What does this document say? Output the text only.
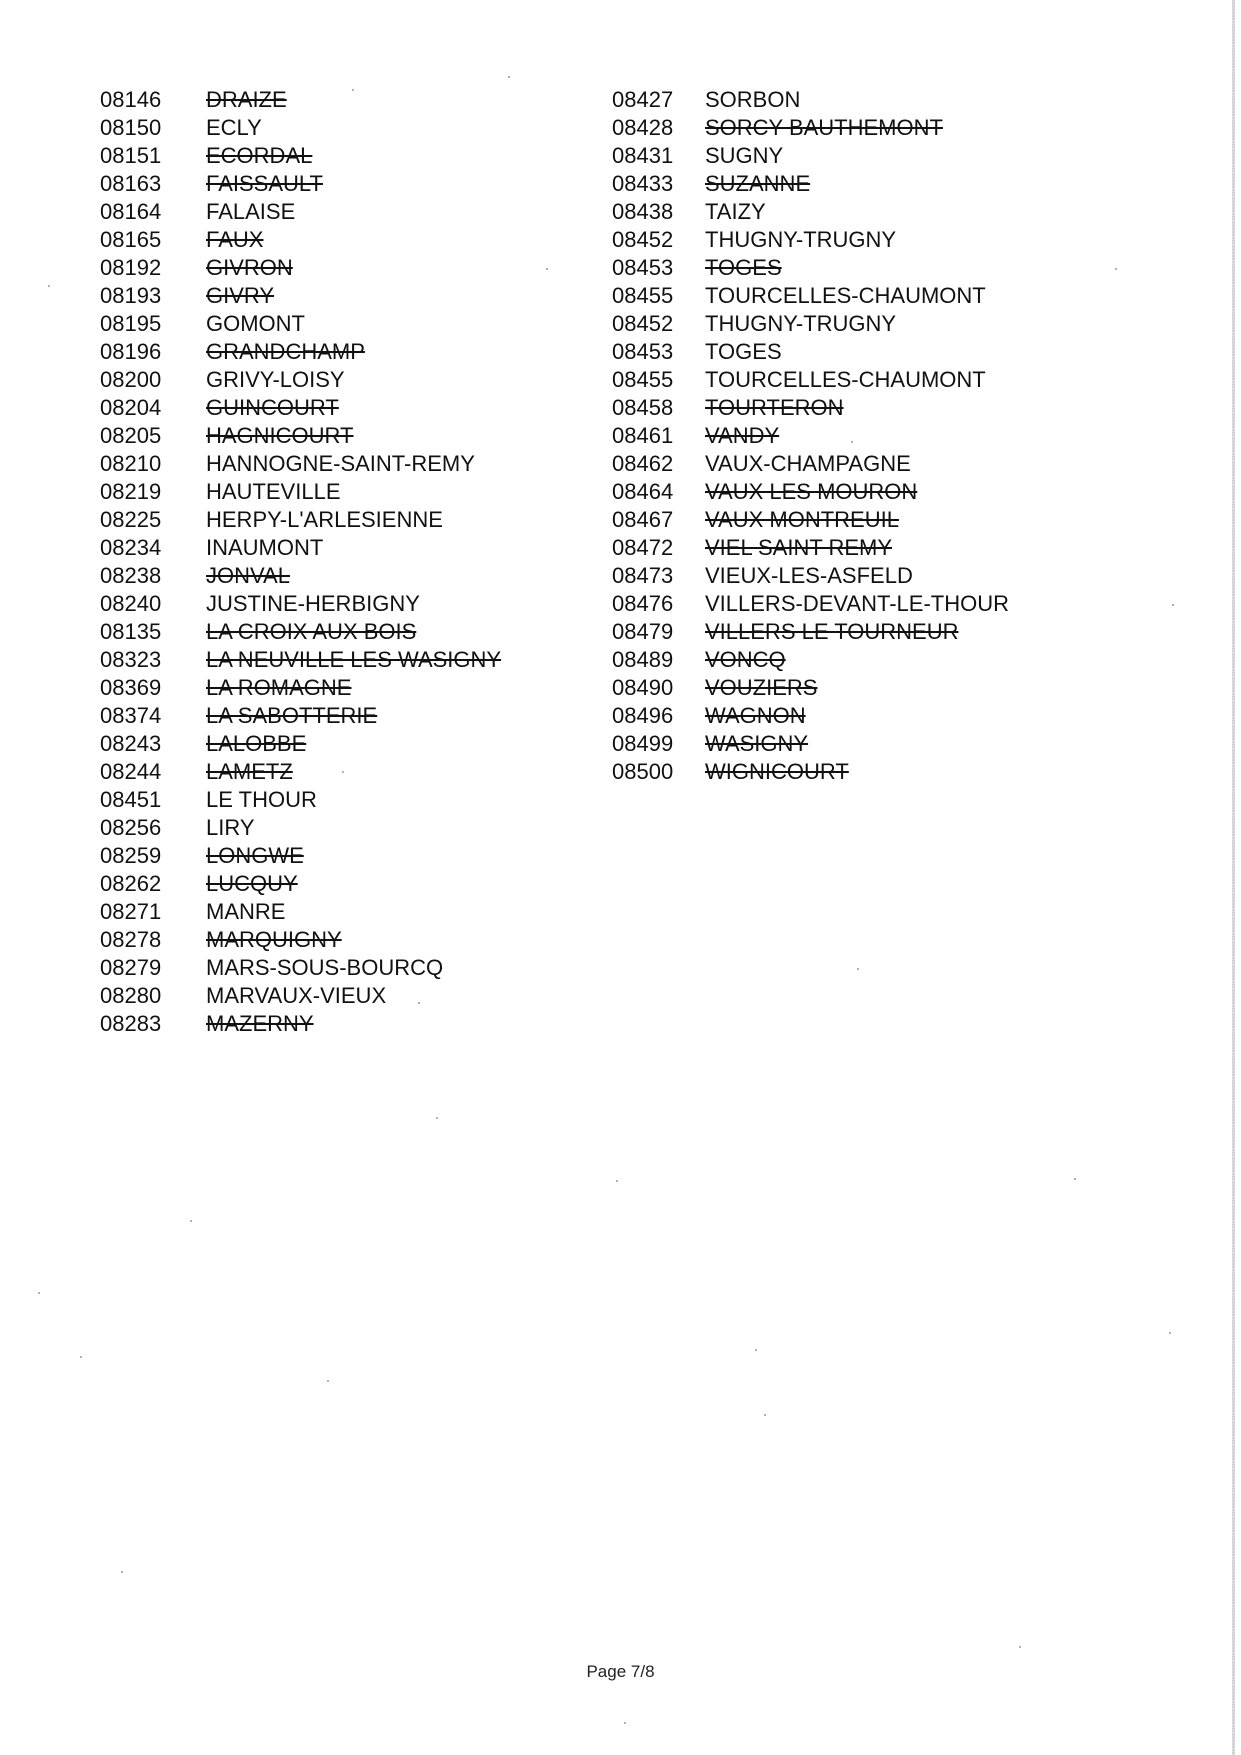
08146	DRAIZE
08150	ECLY
08151	ECORDAL
08163	FAISSAULT
08164	FALAISE
08165	FAUX
08192	GIVRON
08193	GIVRY
08195	GOMONT
08196	GRANDCHAMP
08200	GRIVY-LOISY
08204	GUINCOURT
08205	HAGNICOURT
08210	HANNOGNE-SAINT-REMY
08219	HAUTEVILLE
08225	HERPY-L'ARLESIENNE
08234	INAUMONT
08238	JONVAL
08240	JUSTINE-HERBIGNY
08135	LA CROIX AUX BOIS
08323	LA NEUVILLE LES WASIGNY
08369	LA ROMAGNE
08374	LA SABOTTERIE
08243	LALOBBE
08244	LAMETZ
08451	LE THOUR
08256	LIRY
08259	LONGWE
08262	LUCQUY
08271	MANRE
08278	MARQUIGNY
08279	MARS-SOUS-BOURCQ
08280	MARVAUX-VIEUX
08283	MAZERNY
08427	SORBON
08428	SORCY BAUTHEMONT
08431	SUGNY
08433	SUZANNE
08438	TAIZY
08452	THUGNY-TRUGNY
08453	TOGES
08455	TOURCELLES-CHAUMONT
08452	THUGNY-TRUGNY
08453	TOGES
08455	TOURCELLES-CHAUMONT
08458	TOURTERON
08461	VANDY
08462	VAUX-CHAMPAGNE
08464	VAUX LES MOURON
08467	VAUX MONTREUIL
08472	VIEL SAINT REMY
08473	VIEUX-LES-ASFELD
08476	VILLERS-DEVANT-LE-THOUR
08479	VILLERS LE TOURNEUR
08489	VONCQ
08490	VOUZIERS
08496	WAGNON
08499	WASIGNY
08500	WIGNICOURT
Page 7/8
